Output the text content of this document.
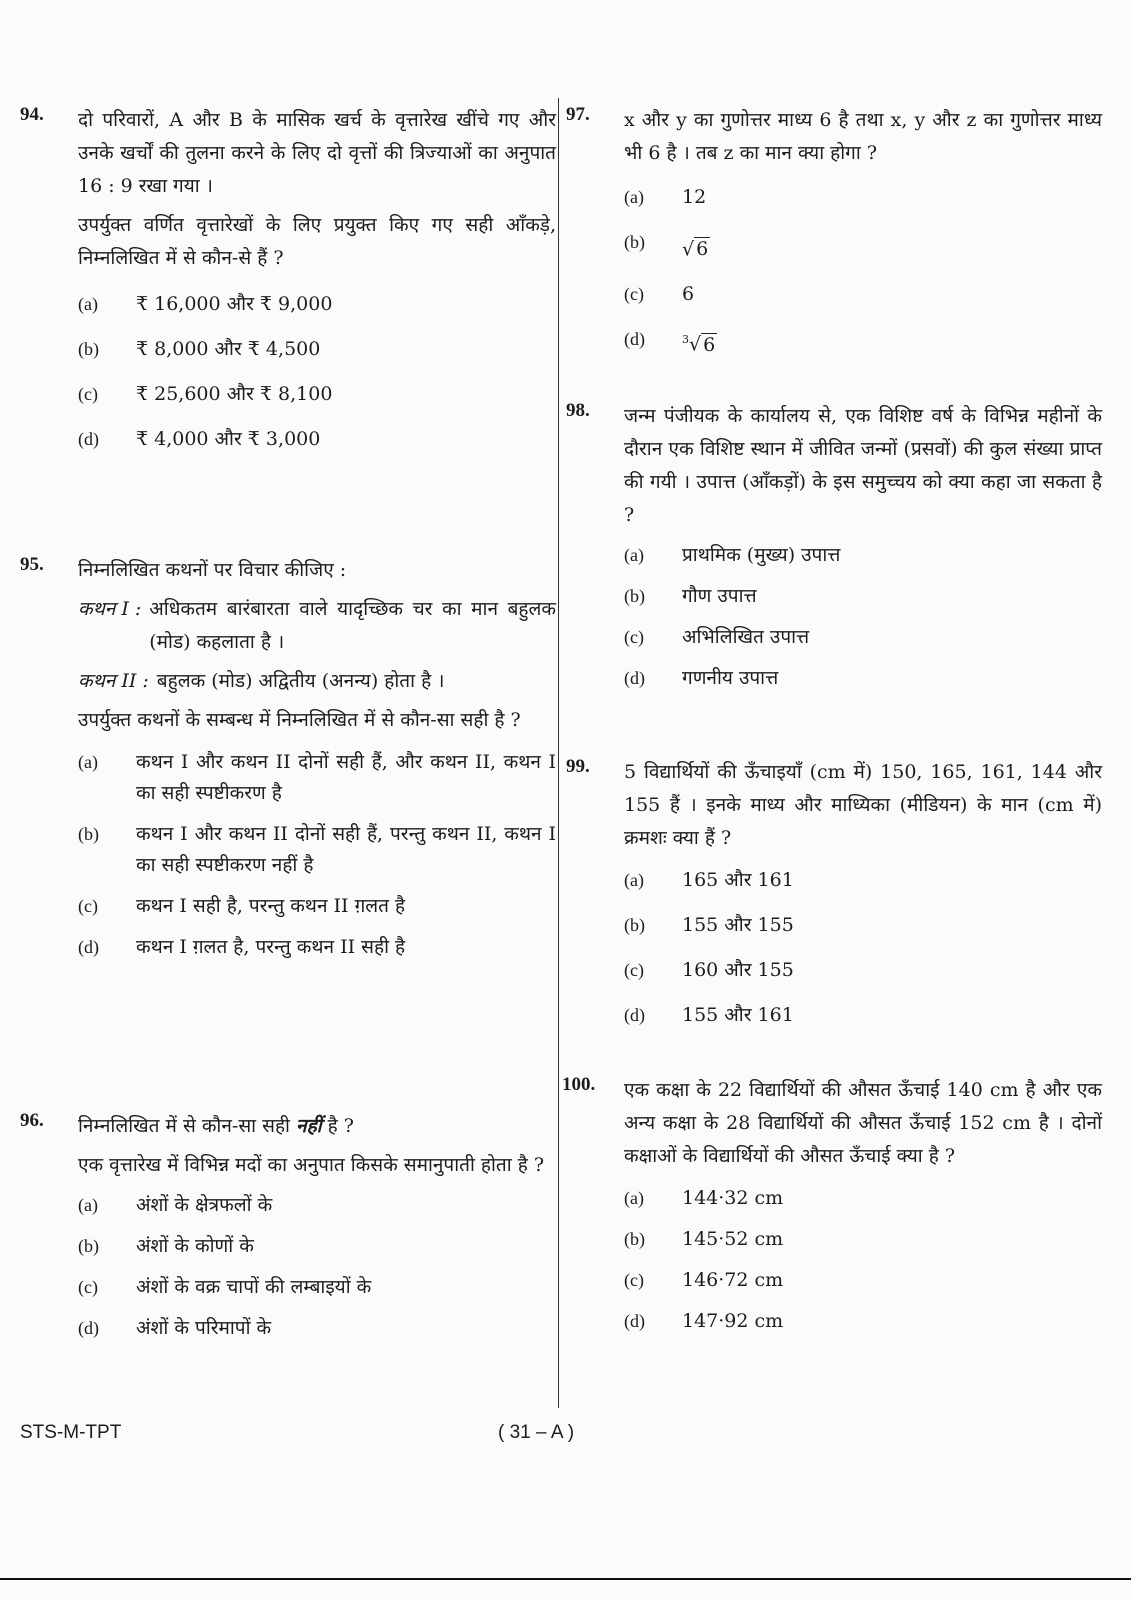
94. दो परिवारों, A और B के मासिक खर्च के वृत्तारेख खींचे गए और उनके खर्चों की तुलना करने के लिए दो वृत्तों की त्रिज्याओं का अनुपात 16 : 9 रखा गया ।

उपर्युक्त वर्णित वृत्तारेखों के लिए प्रयुक्त किए गए सही आँकड़े, निम्नलिखित में से कौन-से हैं ?

(a)	₹ 16,000 और ₹ 9,000
(b)	₹ 8,000 और ₹ 4,500
(c)	₹ 25,600 और ₹ 8,100
(d)	₹ 4,000 और ₹ 3,000
95. निम्नलिखित कथनों पर विचार कीजिए :

कथन I : अधिकतम बारंबारता वाले यादृच्छिक चर का मान बहुलक (मोड) कहलाता है ।
कथन II : बहुलक (मोड) अद्वितीय (अनन्य) होता है ।

उपर्युक्त कथनों के सम्बन्ध में निम्नलिखित में से कौन-सा सही है ?

(a)	कथन I और कथन II दोनों सही हैं, और कथन II, कथन I का सही स्पष्टीकरण है
(b)	कथन I और कथन II दोनों सही हैं, परन्तु कथन II, कथन I का सही स्पष्टीकरण नहीं है
(c)	कथन I सही है, परन्तु कथन II ग़लत है
(d)	कथन I ग़लत है, परन्तु कथन II सही है
96. निम्नलिखित में से कौन-सा सही नहीं है ?

एक वृत्तारेख में विभिन्न मदों का अनुपात किसके समानुपाती होता है ?

(a)	अंशों के क्षेत्रफलों के
(b)	अंशों के कोणों के
(c)	अंशों के वक्र चापों की लम्बाइयों के
(d)	अंशों के परिमापों के
97. x और y का गुणोत्तर माध्य 6 है तथा x, y और z का गुणोत्तर माध्य भी 6 है । तब z का मान क्या होगा ?

(a)	12
(b)	√ 6
(c)	6
(d)	$^3$√ 6
98. जन्म पंजीयक के कार्यालय से, एक विशिष्ट वर्ष के विभिन्न महीनों के दौरान एक विशिष्ट स्थान में जीवित जन्मों (प्रसवों) की कुल संख्या प्राप्त की गयी । उपात्त (आँकड़ों) के इस समुच्चय को क्या कहा जा सकता है ?

(a)	प्राथमिक (मुख्य) उपात्त
(b)	गौण उपात्त
(c)	अभिलिखित उपात्त
(d)	गणनीय उपात्त
99. 5 विद्यार्थियों की ऊँचाइयाँ (cm में) 150, 165, 161, 144 और 155 हैं । इनके माध्य और माध्यिका (मीडियन) के मान (cm में) क्रमशः क्या हैं ?

(a)	165 और 161
(b)	155 और 155
(c)	160 और 155
(d)	155 और 161
100. एक कक्षा के 22 विद्यार्थियों की औसत ऊँचाई 140 cm है और एक अन्य कक्षा के 28 विद्यार्थियों की औसत ऊँचाई 152 cm है । दोनों कक्षाओं के विद्यार्थियों की औसत ऊँचाई क्या है ?

(a)	144·32 cm
(b)	145·52 cm
(c)	146·72 cm
(d)	147·92 cm
STS-M-TPT	( 31 – A )
